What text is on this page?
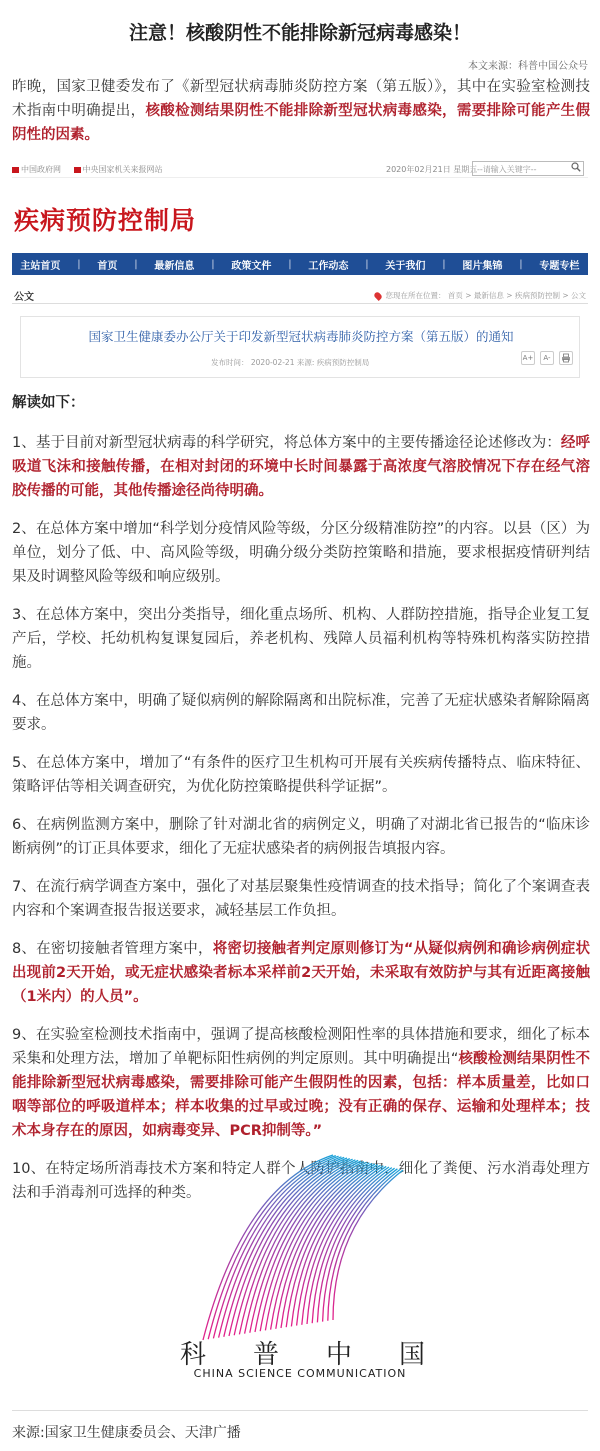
注意！核酸阴性不能排除新冠病毒感染！
本文来源：科普中国公众号

昨晚，国家卫健委发布了《新型冠状病毒肺炎防控方案（第五版）》，其中在实验室检测技术指南中明确提出，核酸检测结果阴性不能排除新型冠状病毒感染，需要排除可能产生假阴性的因素。

中国政府网	中央国家机关来报网站	2020年02月21日 星期五 --请输入关键字--
疾病预防控制局
主站首页 | 首页 | 最新信息 | 政策文件 | 工作动态 | 关于我们 | 图片集锦 | 专题专栏
公文	您现在所在位置： 首页 > 最新信息 > 疾病预防控制 > 公文
国家卫生健康委办公厅关于印发新型冠状病毒肺炎防控方案（第五版）的通知
发布时间： 2020-02-21 来源: 疾病预防控制局	A+	A-
解读如下：

1、基于目前对新型冠状病毒的科学研究，将总体方案中的主要传播途径论述修改为：经呼吸道飞沫和接触传播，在相对封闭的环境中长时间暴露于高浓度气溶胶情况下存在经气溶胶传播的可能，其他传播途径尚待明确。

2、在总体方案中增加“科学划分疫情风险等级，分区分级精准防控”的内容。以县（区）为单位，划分了低、中、高风险等级，明确分级分类防控策略和措施，要求根据疫情研判结果及时调整风险等级和响应级别。

3、在总体方案中，突出分类指导，细化重点场所、机构、人群防控措施，指导企业复工复产后，学校、托幼机构复课复园后，养老机构、残障人员福利机构等特殊机构落实防控措施。

4、在总体方案中，明确了疑似病例的解除隔离和出院标准，完善了无症状感染者解除隔离要求。

5、在总体方案中，增加了“有条件的医疗卫生机构可开展有关疾病传播特点、临床特征、策略评估等相关调查研究，为优化防控策略提供科学证据”。

6、在病例监测方案中，删除了针对湖北省的病例定义，明确了对湖北省已报告的“临床诊断病例”的订正具体要求，细化了无症状感染者的病例报告填报内容。

7、在流行病学调查方案中，强化了对基层聚集性疫情调查的技术指导；简化了个案调查表内容和个案调查报告报送要求，减轻基层工作负担。

8、在密切接触者管理方案中，将密切接触者判定原则修订为“从疑似病例和确诊病例症状出现前2天开始，或无症状感染者标本采样前2天开始，未采取有效防护与其有近距离接触（1米内）的人员”。

9、在实验室检测技术指南中，强调了提高核酸检测阳性率的具体措施和要求，细化了标本采集和处理方法，增加了单靶标阳性病例的判定原则。其中明确提出“核酸检测结果阴性不能排除新型冠状病毒感染，需要排除可能产生假阴性的因素，包括：样本质量差，比如口咽等部位的呼吸道样本；样本收集的过早或过晚；没有正确的保存、运输和处理样本；技术本身存在的原因，如病毒变异、PCR抑制等。”

10、在特定场所消毒技术方案和特定人群个人防护指南中，细化了粪便、污水消毒处理方法和手消毒剂可选择的种类。

科 普 中 国
CHINA SCIENCE COMMUNICATION
来源:国家卫生健康委员会、天津广播
